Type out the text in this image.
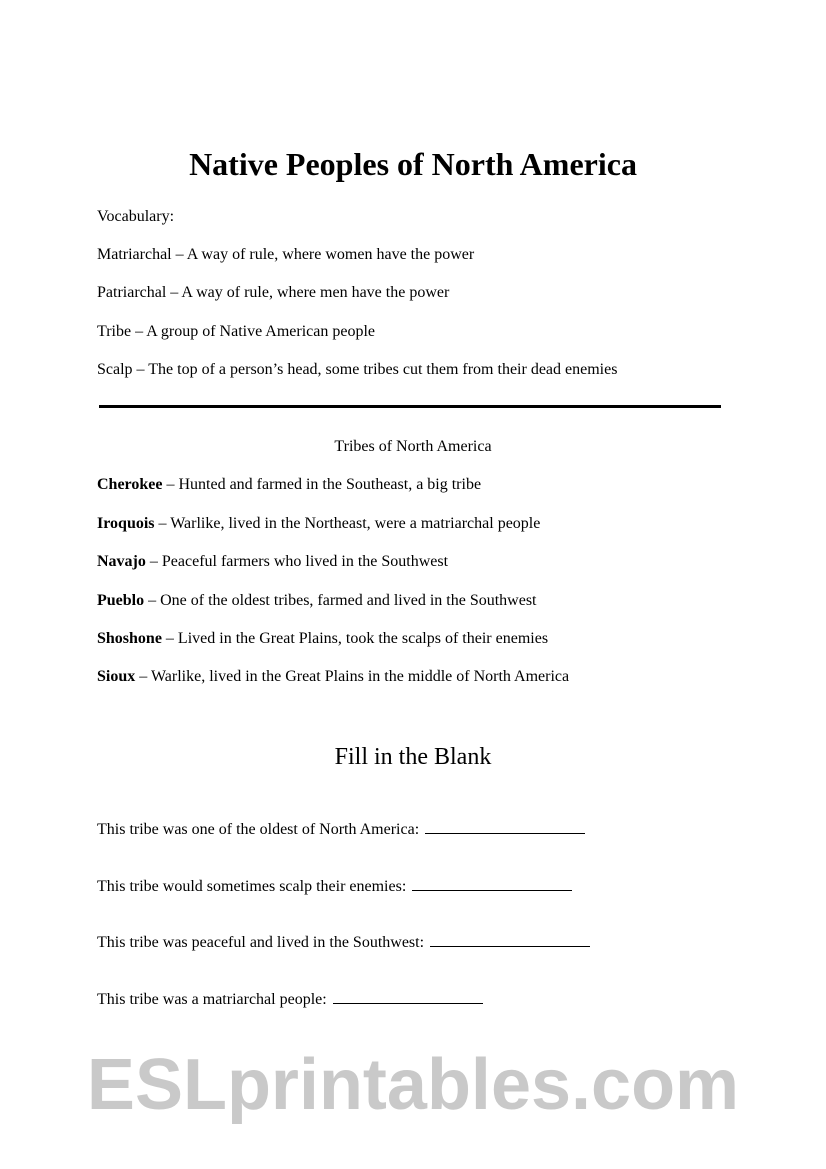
Native Peoples of North America
Vocabulary:
Matriarchal – A way of rule, where women have the power
Patriarchal – A way of rule, where men have the power
Tribe – A group of Native American people
Scalp – The top of a person’s head, some tribes cut them from their dead enemies
Tribes of North America
Cherokee – Hunted and farmed in the Southeast, a big tribe
Iroquois – Warlike, lived in the Northeast, were a matriarchal people
Navajo – Peaceful farmers who lived in the Southwest
Pueblo – One of the oldest tribes, farmed and lived in the Southwest
Shoshone – Lived in the Great Plains, took the scalps of their enemies
Sioux – Warlike, lived in the Great Plains in the middle of North America
Fill in the Blank
This tribe was one of the oldest of North America:
This tribe would sometimes scalp their enemies:
This tribe was peaceful and lived in the Southwest:
This tribe was a matriarchal people:
ESLprintables.com
